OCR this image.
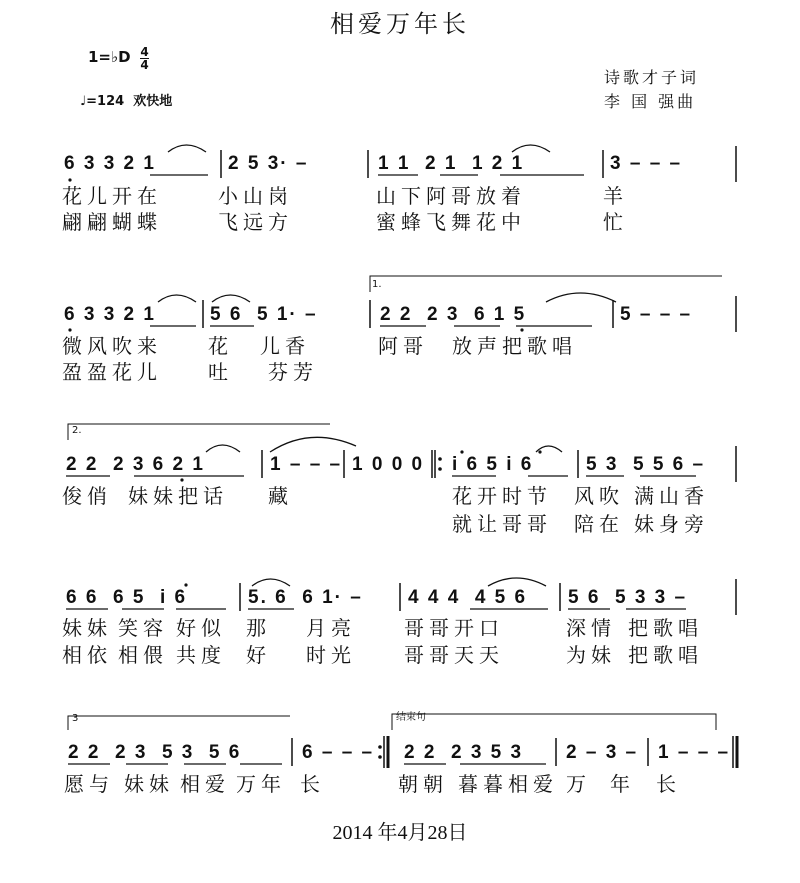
相爱万年长
1=♭D 4
4
♩=124  欢快地
诗歌才子词
李 国 强曲
6 3 3 2 1	2 5 3· –	1 1  2 1  1 2 1	3 – – –
花儿开在	小山岗	山下阿哥放着	羊
翩翩蝴蝶	飞远方	蜜蜂飞舞花中	忙
1.
6 3 3 2 1	5 6  5 1· –	2 2  2 3  6 1 5	5 – – –
微风吹来 花 儿香	阿哥 放声把歌唱
盈盈花儿 吐 芬芳
2.
2 2  2 3 6 2 1	1 – – – 1 0 0 0 i 6 5 i 6	5 3  5 5 6 –
俊俏 妹妹把话 藏	花开时节 风吹 满山香
就让哥哥 陪在 妹身旁
6 6  6 5  i 6	5. 6  6 1· – 4 4 4  4 5 6 5 6  5 3 3 –
妹妹 笑容 好似 那 月亮 哥哥开口	深情 把歌唱
相依 相偎 共度 好 时光 哥哥天天	为妹 把歌唱
3	结束句
2 2  2 3  5 3  5 6	6 – – – 2 2  2 3 5 3 2 – 3 – 1 – – –
愿与 妹妹 相爱 万年 长	朝朝 暮暮相爱 万 年 长
2014 年4月28日
